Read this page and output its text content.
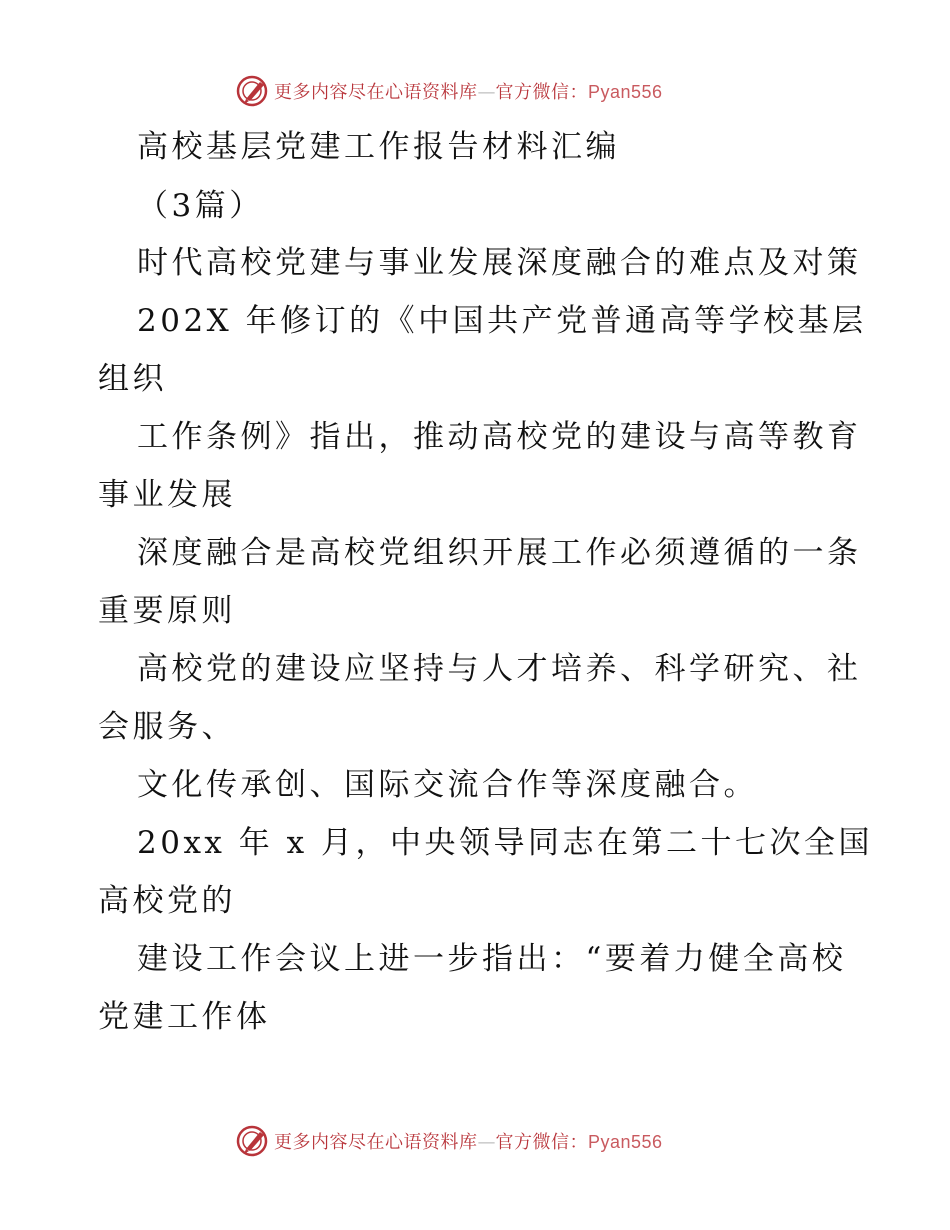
更多内容尽在心语资料库—官方微信：Pyan556
高校基层党建工作报告材料汇编
（3篇）
时代高校党建与事业发展深度融合的难点及对策
202X 年修订的《中国共产党普通高等学校基层
组织
工作条例》指出，推动高校党的建设与高等教育
事业发展
深度融合是高校党组织开展工作必须遵循的一条
重要原则
高校党的建设应坚持与人才培养、科学研究、社
会服务、
文化传承创、国际交流合作等深度融合。
20xx 年 x 月，中央领导同志在第二十七次全国
高校党的
建设工作会议上进一步指出：“要着力健全高校
党建工作体
更多内容尽在心语资料库—官方微信：Pyan556
